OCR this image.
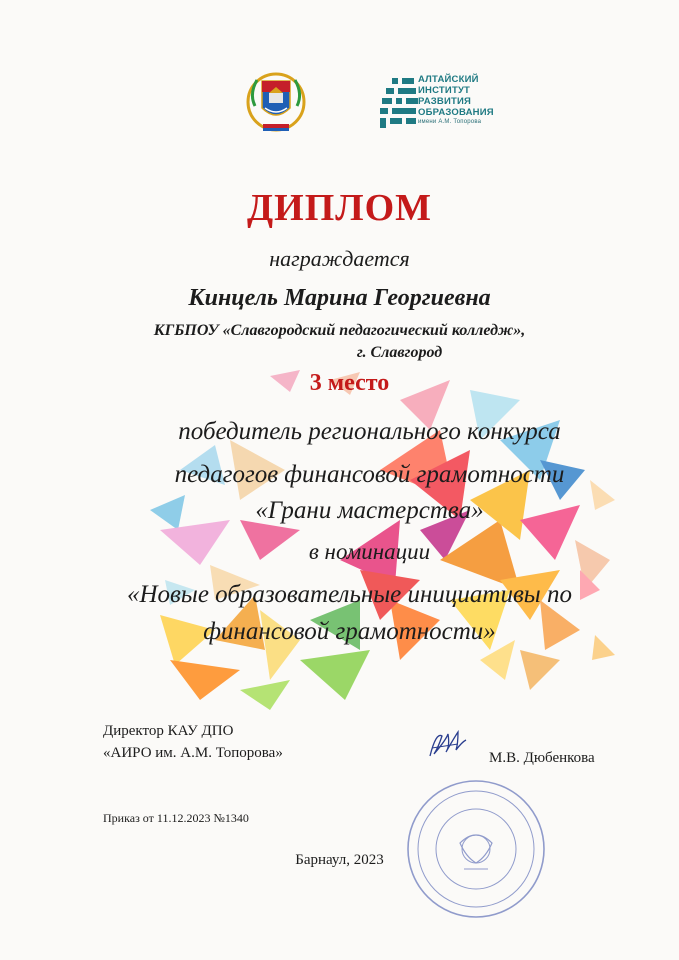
АЛТАЙСКИЙ
ИНСТИТУТ
РАЗВИТИЯ
ОБРАЗОВАНИЯ
имени А.М. Топорова
ДИПЛОМ
награждается
Кинцель Марина Георгиевна
КГБПОУ «Славгородский педагогический колледж»,
г. Славгород
3 место
победитель регионального конкурса
педагогов финансовой грамотности
«Грани мастерства»
в номинации
«Новые образовательные инициативы по
финансовой грамотности»
Директор КАУ ДПО
«АИРО им. А.М. Топорова»	М.В. Дюбенкова
Приказ от 11.12.2023 №1340
Барнаул, 2023
